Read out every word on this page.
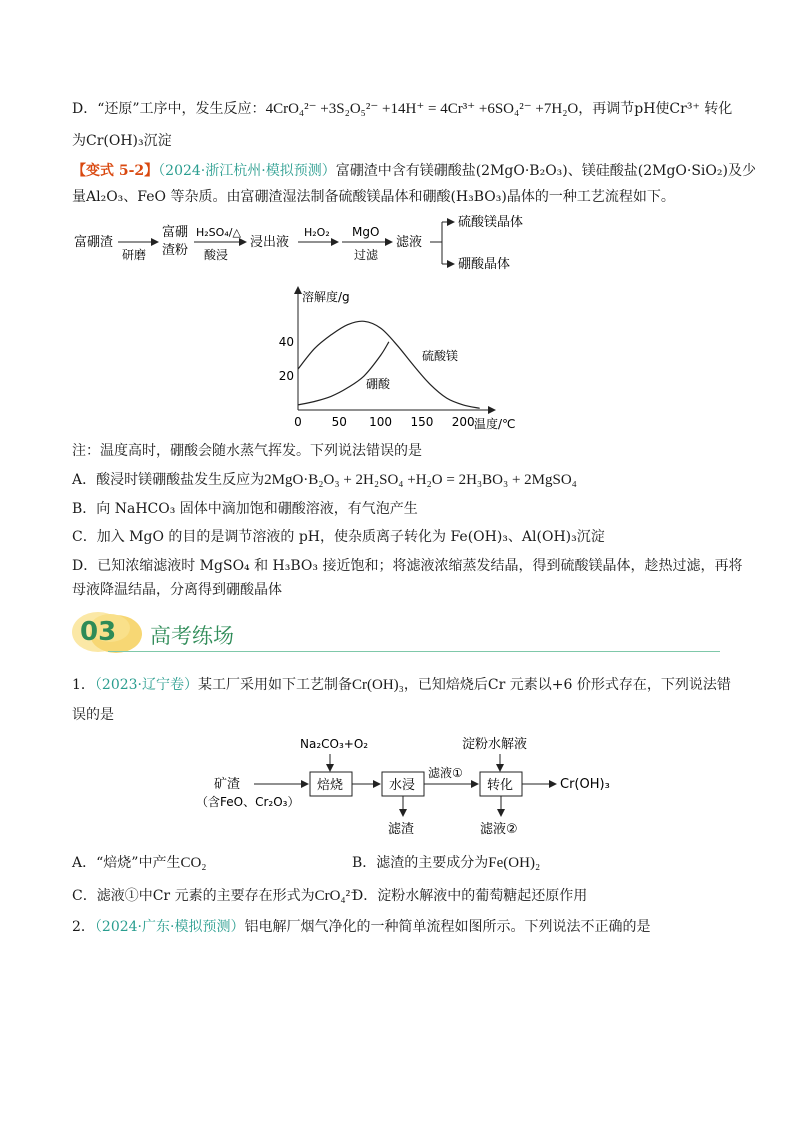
D．“还原”工序中，发生反应：4CrO₄²⁻ +3S₂O₅²⁻ +14H⁺ = 4Cr³⁺ +6SO₄²⁻ +7H₂O，再调节pH使Cr³⁺ 转化
为Cr(OH)₃沉淀
【变式 5-2】（2024·浙江杭州·模拟预测）富硼渣中含有镁硼酸盐(2MgO·B₂O₃)、镁硅酸盐(2MgO·SiO₂)及少
量Al₂O₃、FeO 等杂质。由富硼渣湿法制备硫酸镁晶体和硼酸(H₃BO₃)晶体的一种工艺流程如下。
富硼渣
研磨
富硼
渣粉
H₂SO₄/△
酸浸
浸出液
H₂O₂ MgO
过滤
滤液
硫酸镁晶体
硼酸晶体
溶解度/g
温度/℃
0 50 100 150 200
20
40
硫酸镁
硼酸
注：温度高时，硼酸会随水蒸气挥发。下列说法错误的是
A．酸浸时镁硼酸盐发生反应为2MgO·B₂O₃ + 2H₂SO₄ +H₂O = 2H₃BO₃ + 2MgSO₄
B．向 NaHCO₃ 固体中滴加饱和硼酸溶液，有气泡产生
C．加入 MgO 的目的是调节溶液的 pH，使杂质离子转化为 Fe(OH)₃、Al(OH)₃沉淀
D．已知浓缩滤液时 MgSO₄ 和 H₃BO₃ 接近饱和；将滤液浓缩蒸发结晶，得到硫酸镁晶体，趁热过滤，再将
母液降温结晶，分离得到硼酸晶体
03 高考练场
1．（2023·辽宁卷）某工厂采用如下工艺制备Cr(OH)₃，已知焙烧后Cr 元素以+6 价形式存在，下列说法错
误的是
Na₂CO₃+O₂	淀粉水解液
矿渣
（含FeO、Cr₂O₃）
焙烧	水浸
滤液①
转化	Cr(OH)₃
滤渣	滤液②
A．“焙烧”中产生CO₂	B．滤渣的主要成分为Fe(OH)₂
C．滤液①中Cr 元素的主要存在形式为CrO₄²⁻
D．淀粉水解液中的葡萄糖起还原作用
2．（2024·广东·模拟预测）铝电解厂烟气净化的一种简单流程如图所示。下列说法不正确的是
